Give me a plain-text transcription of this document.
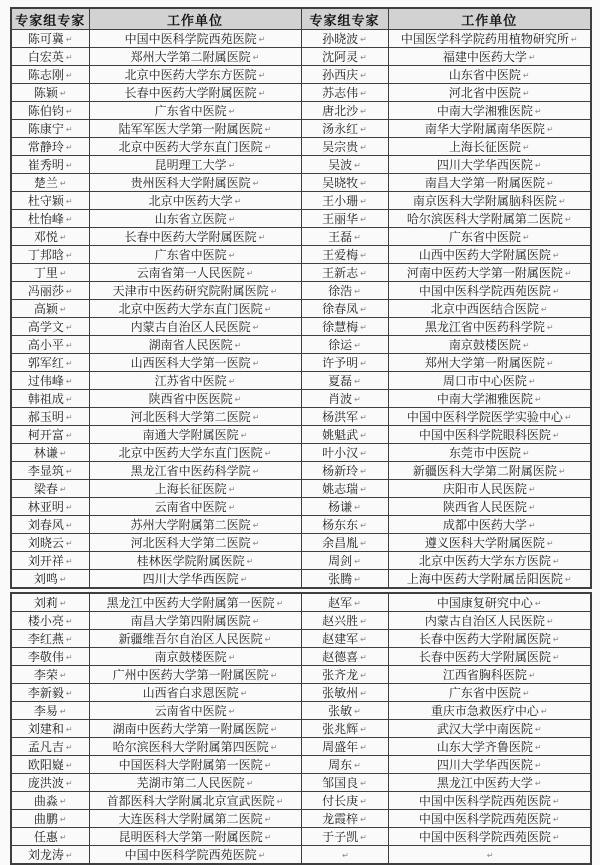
专家组专家	工作单位	专家组专家	工作单位
陈可冀 ↵	中国中医科学院西苑医院 ↵	孙晓波 ↵	中国医学科学院药用植物研究所 ↵
白宏英 ↵	郑州大学第二附属医院 ↵	沈阿灵 ↵	福建中医药大学 ↵
陈志刚 ↵	北京中医药大学东方医院 ↵	孙西庆 ↵	山东省中医院 ↵
陈颖 ↵	长春中医药大学附属医院 ↵	苏志伟 ↵	河北省中医院 ↵
陈伯钧 ↵	广东省中医院 ↵	唐北沙 ↵	中南大学湘雅医院 ↵
陈康宁 ↵	陆军军医大学第一附属医院 ↵	汤永红 ↵	南华大学附属南华医院 ↵
常静玲 ↵	北京中医药大学东直门医院 ↵	吴宗贵 ↵	上海长征医院 ↵
崔秀明 ↵	昆明理工大学 ↵	吴波 ↵	四川大学华西医院 ↵
楚兰 ↵	贵州医科大学附属医院 ↵	吴晓牧 ↵	南昌大学第一附属医院 ↵
杜守颖 ↵	北京中医药大学 ↵	王小珊 ↵	南京医科大学附属脑科医院 ↵
杜怡峰 ↵	山东省立医院 ↵	王丽华 ↵	哈尔滨医科大学附属第二医院 ↵
邓悦 ↵	长春中医药大学附属医院 ↵	王磊 ↵	广东省中医院 ↵
丁邦晗 ↵	广东省中医院 ↵	王爱梅 ↵	山西中医药大学附属医院 ↵
丁里 ↵	云南省第一人民医院 ↵	王新志 ↵	河南中医药大学第一附属医院 ↵
冯丽莎 ↵	天津市中医药研究院附属医院 ↵	徐浩 ↵	中国中医科学院西苑医院 ↵
高颖 ↵	北京中医药大学东直门医院 ↵	徐春凤 ↵	北京中西医结合医院 ↵
高学文 ↵	内蒙古自治区人民医院 ↵	徐慧梅 ↵	黑龙江省中医药科学院 ↵
高小平 ↵	湖南省人民医院 ↵	徐运 ↵	南京鼓楼医院 ↵
郭军红 ↵	山西医科大学第一医院 ↵	许予明 ↵	郑州大学第一附属医院 ↵
过伟峰 ↵	江苏省中医院 ↵	夏磊 ↵	周口市中心医院 ↵
韩祖成 ↵	陕西省中医医院 ↵	肖波 ↵	中南大学湘雅医院 ↵
郝玉明 ↵	河北医科大学第二医院 ↵	杨洪军 ↵	中国中医科学院医学实验中心 ↵
柯开富 ↵	南通大学附属医院 ↵	姚魁武 ↵	中国中医科学院眼科医院 ↵
林谦 ↵	北京中医药大学东直门医院 ↵	叶小汉 ↵	东莞市中医院 ↵
李显筑 ↵	黑龙江省中医药科学院 ↵	杨新玲 ↵	新疆医科大学第二附属医院 ↵
梁春 ↵	上海长征医院 ↵	姚志瑞 ↵	庆阳市人民医院 ↵
林亚明 ↵	云南省中医院 ↵	杨谦 ↵	陕西省人民医院 ↵
刘春风 ↵	苏州大学附属第二医院 ↵	杨东东 ↵	成都中医药大学 ↵
刘晓云 ↵	河北医科大学第二医院 ↵	余昌胤 ↵	遵义医科大学附属医院 ↵
刘开祥 ↵	桂林医学院附属医院 ↵	周剑 ↵	北京中医药大学东方医院 ↵
刘鸣 ↵	四川大学华西医院 ↵	张腾 ↵	上海中医药大学附属岳阳医院 ↵
刘莉 ↵	黑龙江中医药大学附属第一医院 ↵	赵军 ↵	中国康复研究中心 ↵
楼小亮 ↵	南昌大学第四附属医院 ↵	赵兴胜 ↵	内蒙古自治区人民医院 ↵
李红燕 ↵	新疆维吾尔自治区人民医院 ↵	赵建军 ↵	长春中医药大学附属医院 ↵
李敬伟 ↵	南京鼓楼医院 ↵	赵德喜 ↵	长春中医药大学附属医院 ↵
李荣 ↵	广州中医药大学第一附属医院 ↵	张齐龙 ↵	江西省胸科医院 ↵
李新毅 ↵	山西省白求恩医院 ↵	张敏州 ↵	广东省中医院 ↵
李易 ↵	云南省中医院 ↵	张敏 ↵	重庆市急救医疗中心 ↵
刘建和 ↵	湖南中医药大学第一附属医院 ↵	张兆辉 ↵	武汉大学中南医院 ↵
孟凡吉 ↵	哈尔滨医科大学附属第四医院 ↵	周盛年 ↵	山东大学齐鲁医院 ↵
欧阳嶷 ↵	中国医科大学附属第一医院 ↵	周东 ↵	四川大学华西医院 ↵
庞洪波 ↵	芜湖市第二人民医院 ↵	邹国良 ↵	黑龙江中医药大学 ↵
曲淼 ↵	首都医科大学附属北京宣武医院 ↵	付长庚 ↵	中国中医科学院西苑医院 ↵
曲鹏 ↵	大连医科大学附属第二医院 ↵	龙霞梓 ↵	中国中医科学院西苑医院 ↵
任惠 ↵	昆明医科大学第一附属医院 ↵	于子凯 ↵	中国中医科学院西苑医院 ↵
刘龙涛 ↵	中国中医科学院西苑医院 ↵	↵	↵
